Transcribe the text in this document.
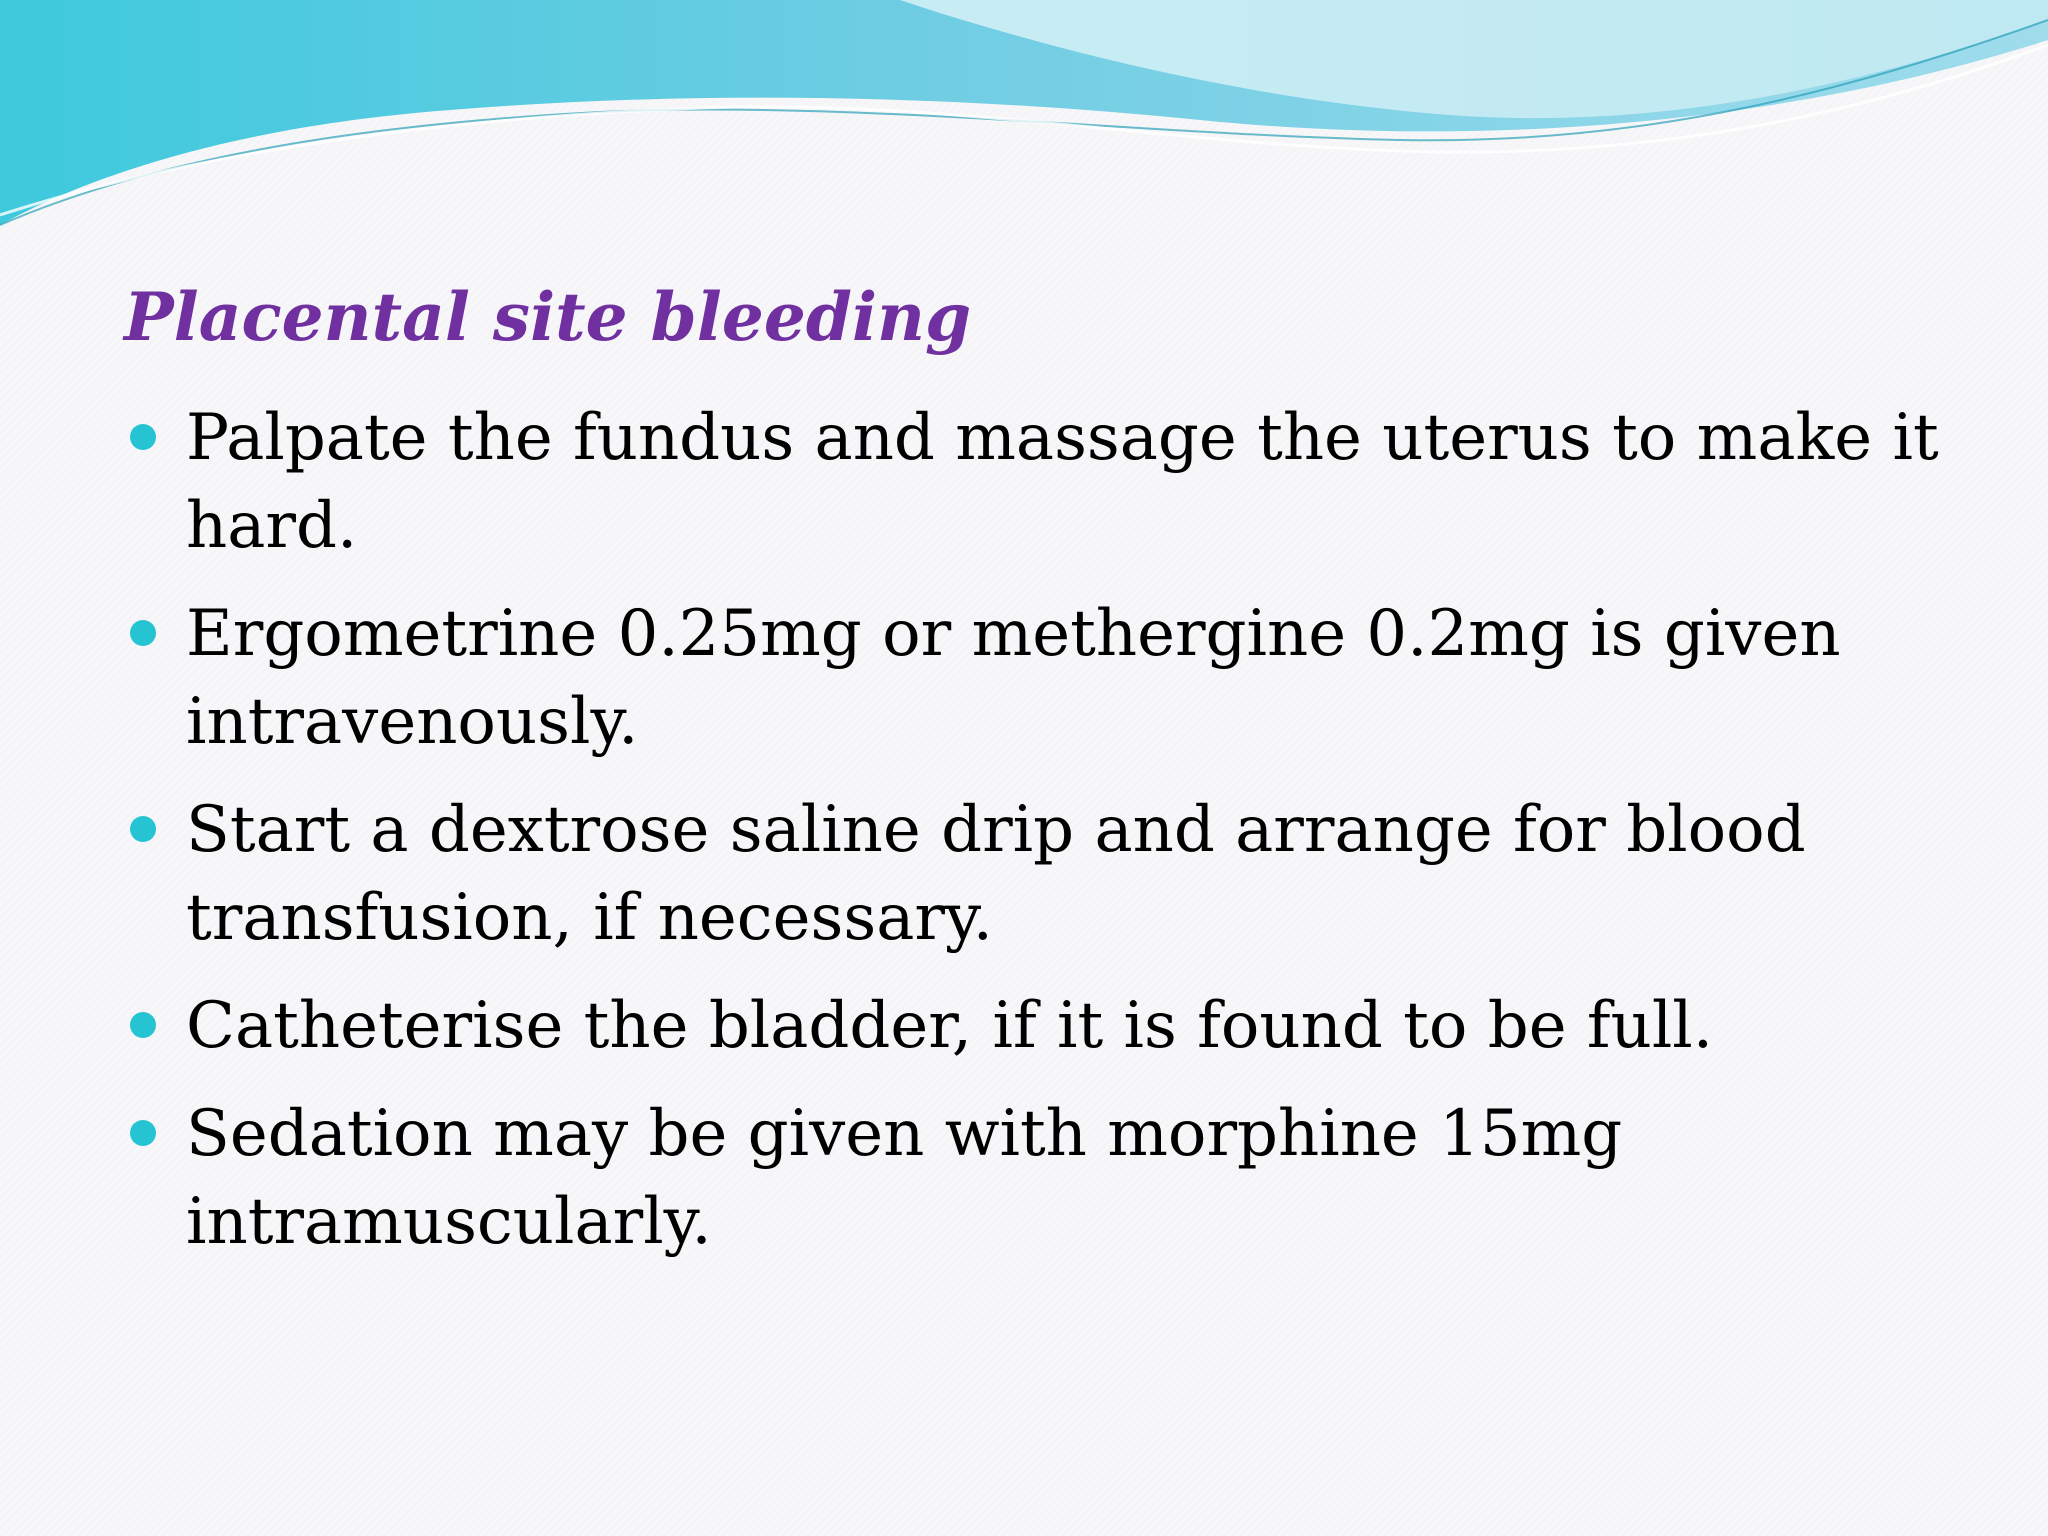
Placental site bleeding
Palpate the fundus and massage the uterus to make it hard.
Ergometrine 0.25mg or methergine 0.2mg is given intravenously.
Start a dextrose saline drip and arrange for blood transfusion, if necessary.
Catheterise the bladder, if it is found to be full.
Sedation may be given with morphine 15mg intramuscularly.
